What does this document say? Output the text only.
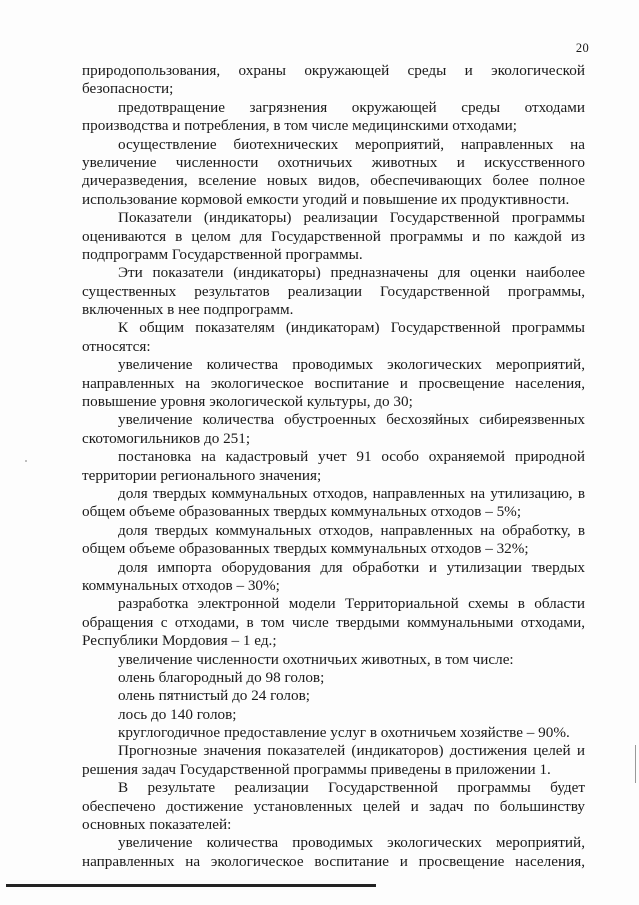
20
природопользования, охраны окружающей среды и экологической
безопасности;
предотвращение загрязнения окружающей среды отходами
производства и потребления, в том числе медицинскими отходами;
осуществление биотехнических мероприятий, направленных на
увеличение численности охотничьих животных и искусственного
дичеразведения, вселение новых видов, обеспечивающих более полное
использование кормовой емкости угодий и повышение их продуктивности.
Показатели (индикаторы) реализации Государственной программы
оцениваются в целом для Государственной программы и по каждой из
подпрограмм Государственной программы.
Эти показатели (индикаторы) предназначены для оценки наиболее
существенных результатов реализации Государственной программы,
включенных в нее подпрограмм.
К общим показателям (индикаторам) Государственной программы
относятся:
увеличение количества проводимых экологических мероприятий,
направленных на экологическое воспитание и просвещение населения,
повышение уровня экологической культуры, до 30;
увеличение количества обустроенных бесхозяйных сибиреязвенных
скотомогильников до 251;
постановка на кадастровый учет 91 особо охраняемой природной
территории регионального значения;
доля твердых коммунальных отходов, направленных на утилизацию, в
общем объеме образованных твердых коммунальных отходов – 5%;
доля твердых коммунальных отходов, направленных на обработку, в
общем объеме образованных твердых коммунальных отходов – 32%;
доля импорта оборудования для обработки и утилизации твердых
коммунальных отходов – 30%;
разработка электронной модели Территориальной схемы в области
обращения с отходами, в том числе твердыми коммунальными отходами,
Республики Мордовия – 1 ед.;
увеличение численности охотничьих животных, в том числе:
олень благородный до 98 голов;
олень пятнистый до 24 голов;
лось до 140 голов;
круглогодичное предоставление услуг в охотничьем хозяйстве – 90%.
Прогнозные значения показателей (индикаторов) достижения целей и
решения задач Государственной программы приведены в приложении 1.
В результате реализации Государственной программы будет
обеспечено достижение установленных целей и задач по большинству
основных показателей:
увеличение количества проводимых экологических мероприятий,
направленных на экологическое воспитание и просвещение населения,
